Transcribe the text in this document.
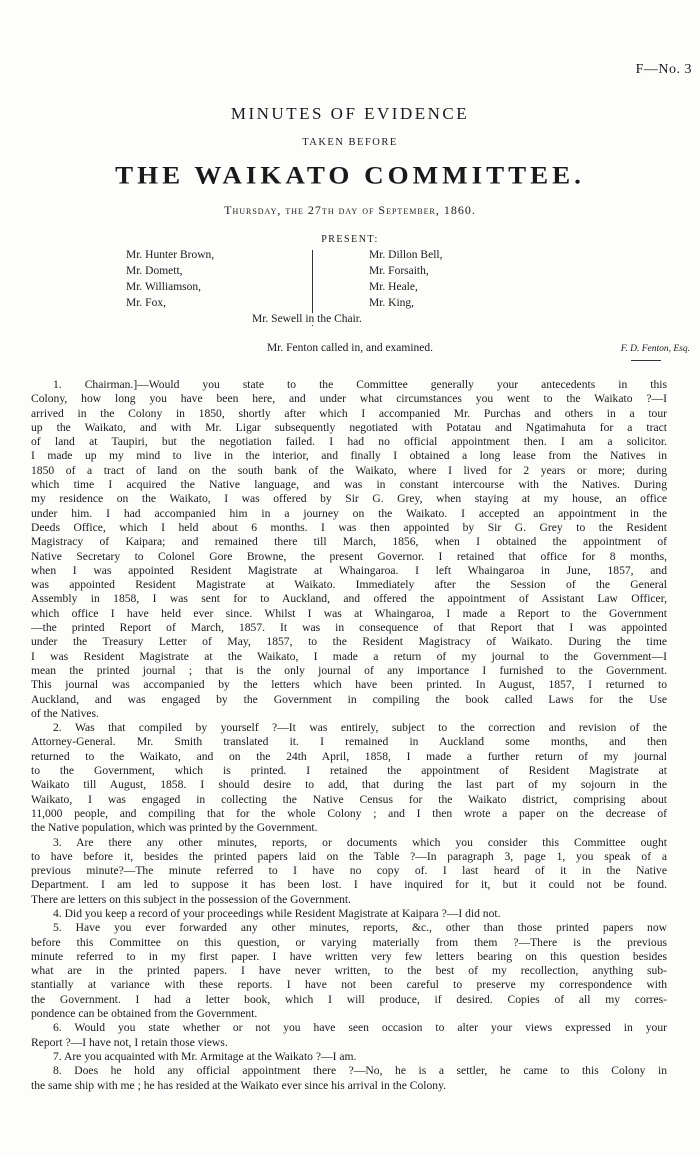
F—No. 3
MINUTES OF EVIDENCE
TAKEN BEFORE
THE WAIKATO COMMITTEE.
Thursday, the 27th day of September, 1860.
PRESENT:
Mr. Hunter Brown,
Mr. Domett,
Mr. Williamson,
Mr. Fox,
Mr. Dillon Bell,
Mr. Forsaith,
Mr. Heale,
Mr. King,
Mr. Sewell in the Chair.
Mr. Fenton called in, and examined.	F. D. Fenton, Esq.
1. Chairman.]—Would you state to the Committee generally your antecedents in this
Colony, how long you have been here, and under what circumstances you went to the Waikato ?—I
arrived in the Colony in 1850, shortly after which I accompanied Mr. Purchas and others in a tour
up the Waikato, and with Mr. Ligar subsequently negotiated with Potatau and Ngatimahuta for a tract
of land at Taupiri, but the negotiation failed. I had no official appointment then. I am a solicitor.
I made up my mind to live in the interior, and finally I obtained a long lease from the Natives in
1850 of a tract of land on the south bank of the Waikato, where I lived for 2 years or more; during
which time I acquired the Native language, and was in constant intercourse with the Natives. During
my residence on the Waikato, I was offered by Sir G. Grey, when staying at my house, an office
under him. I had accompanied him in a journey on the Waikato. I accepted an appointment in the
Deeds Office, which I held about 6 months. I was then appointed by Sir G. Grey to the Resident
Magistracy of Kaipara; and remained there till March, 1856, when I obtained the appointment of
Native Secretary to Colonel Gore Browne, the present Governor. I retained that office for 8 months,
when I was appointed Resident Magistrate at Whaingaroa. I left Whaingaroa in June, 1857, and
was appointed Resident Magistrate at Waikato. Immediately after the Session of the General
Assembly in 1858, I was sent for to Auckland, and offered the appointment of Assistant Law Officer,
which office I have held ever since. Whilst I was at Whaingaroa, I made a Report to the Government
—the printed Report of March, 1857. It was in consequence of that Report that I was appointed
under the Treasury Letter of May, 1857, to the Resident Magistracy of Waikato. During the time
I was Resident Magistrate at the Waikato, I made a return of my journal to the Government—I
mean the printed journal ; that is the only journal of any importance I furnished to the Government.
This journal was accompanied by the letters which have been printed. In August, 1857, I returned to
Auckland, and was engaged by the Government in compiling the book called Laws for the Use
of the Natives.
2. Was that compiled by yourself ?—It was entirely, subject to the correction and revision of the
Attorney-General. Mr. Smith translated it. I remained in Auckland some months, and then
returned to the Waikato, and on the 24th April, 1858, I made a further return of my journal
to the Government, which is printed. I retained the appointment of Resident Magistrate at
Waikato till August, 1858. I should desire to add, that during the last part of my sojourn in the
Waikato, I was engaged in collecting the Native Census for the Waikato district, comprising about
11,000 people, and compiling that for the whole Colony ; and I then wrote a paper on the decrease of
the Native population, which was printed by the Government.
3. Are there any other minutes, reports, or documents which you consider this Committee ought
to have before it, besides the printed papers laid on the Table ?—In paragraph 3, page 1, you speak of a
previous minute?—The minute referred to I have no copy of. I last heard of it in the Native
Department. I am led to suppose it has been lost. I have inquired for it, but it could not be found.
There are letters on this subject in the possession of the Government.
4. Did you keep a record of your proceedings while Resident Magistrate at Kaipara ?—I did not.
5. Have you ever forwarded any other minutes, reports, &c., other than those printed papers now
before this Committee on this question, or varying materially from them ?—There is the previous
minute referred to in my first paper. I have written very few letters bearing on this question besides
what are in the printed papers. I have never written, to the best of my recollection, anything sub-
stantially at variance with these reports. I have not been careful to preserve my correspondence with
the Government. I had a letter book, which I will produce, if desired. Copies of all my corres-
pondence can be obtained from the Government.
6. Would you state whether or not you have seen occasion to alter your views expressed in your
Report ?—I have not, I retain those views.
7. Are you acquainted with Mr. Armitage at the Waikato ?—I am.
8. Does he hold any official appointment there ?—No, he is a settler, he came to this Colony in
the same ship with me ; he has resided at the Waikato ever since his arrival in the Colony.
